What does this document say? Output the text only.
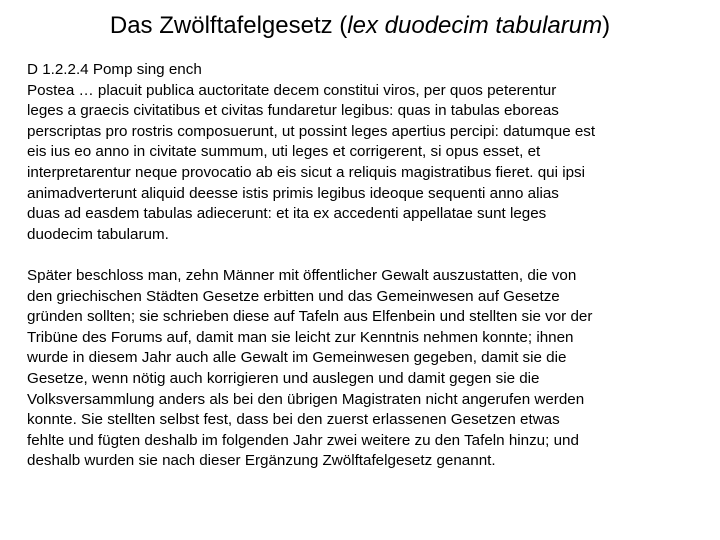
Das Zwölftafelgesetz (lex duodecim tabularum)

D 1.2.2.4 Pomp sing ench

Postea … placuit publica auctoritate decem constitui viros, per quos peterentur

leges a graecis civitatibus et civitas fundaretur legibus: quas in tabulas eboreas

perscriptas pro rostris composuerunt, ut possint leges apertius percipi: datumque est

eis ius eo anno in civitate summum, uti leges et corrigerent, si opus esset, et

interpretarentur neque provocatio ab eis sicut a reliquis magistratibus fieret. qui ipsi

animadverterunt aliquid deesse istis primis legibus ideoque sequenti anno alias

duas ad easdem tabulas adiecerunt: et ita ex accedenti appellatae sunt leges

duodecim tabularum.

Später beschloss man, zehn Männer mit öffentlicher Gewalt auszustatten, die von

den griechischen Städten Gesetze erbitten und das Gemeinwesen auf Gesetze

gründen sollten; sie schrieben diese auf Tafeln aus Elfenbein und stellten sie vor der

Tribüne des Forums auf, damit man sie leicht zur Kenntnis nehmen konnte; ihnen

wurde in diesem Jahr auch alle Gewalt im Gemeinwesen gegeben, damit sie die

Gesetze, wenn nötig auch korrigieren und auslegen und damit gegen sie die

Volksversammlung anders als bei den übrigen Magistraten nicht angerufen werden

konnte. Sie stellten selbst fest, dass bei den zuerst erlassenen Gesetzen etwas

fehlte und fügten deshalb im folgenden Jahr zwei weitere zu den Tafeln hinzu; und

deshalb wurden sie nach dieser Ergänzung Zwölftafelgesetz genannt.
